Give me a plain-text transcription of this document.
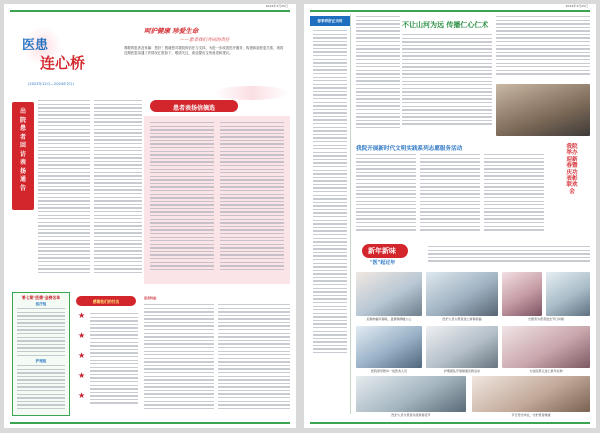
2024年3月25日
医患
连心桥
(2023年12月—2024年2月)
呵护健康 珍爱生命
——患者我们共同的责任
尊敬的患者及家属：您好！感谢您对我院的信任与支持。为进一步改善医疗服务，构建和谐医患关系，现将近期医患沟通工作情况汇报如下，敬请关注，欢迎提出宝贵意见和建议。
出院患者回访表扬通告
患者表扬信摘选
第七期"医德"金榜名单
医疗组
护理组
感谢他们的付出
★
★
★
★
★
患者科室：
2024年3月25日
春季养肝正当时
不让山河为远 传播仁心仁术
我院开展新时代文明实践系列志愿服务活动	我院举办迎新春暨庆功表彰联欢会
新年新味
"医"起过年
迎春纳福写春联，温情满满暖人心	医护人员为患者送上新春祝福	志愿者为患者送去节日问候
医院领导慰问一线医务人员	护理团队开展健康宣教活动	为住院患儿送上新年礼物
医护人员与患者共度新春佳节	节日坚守岗位，守护患者健康
